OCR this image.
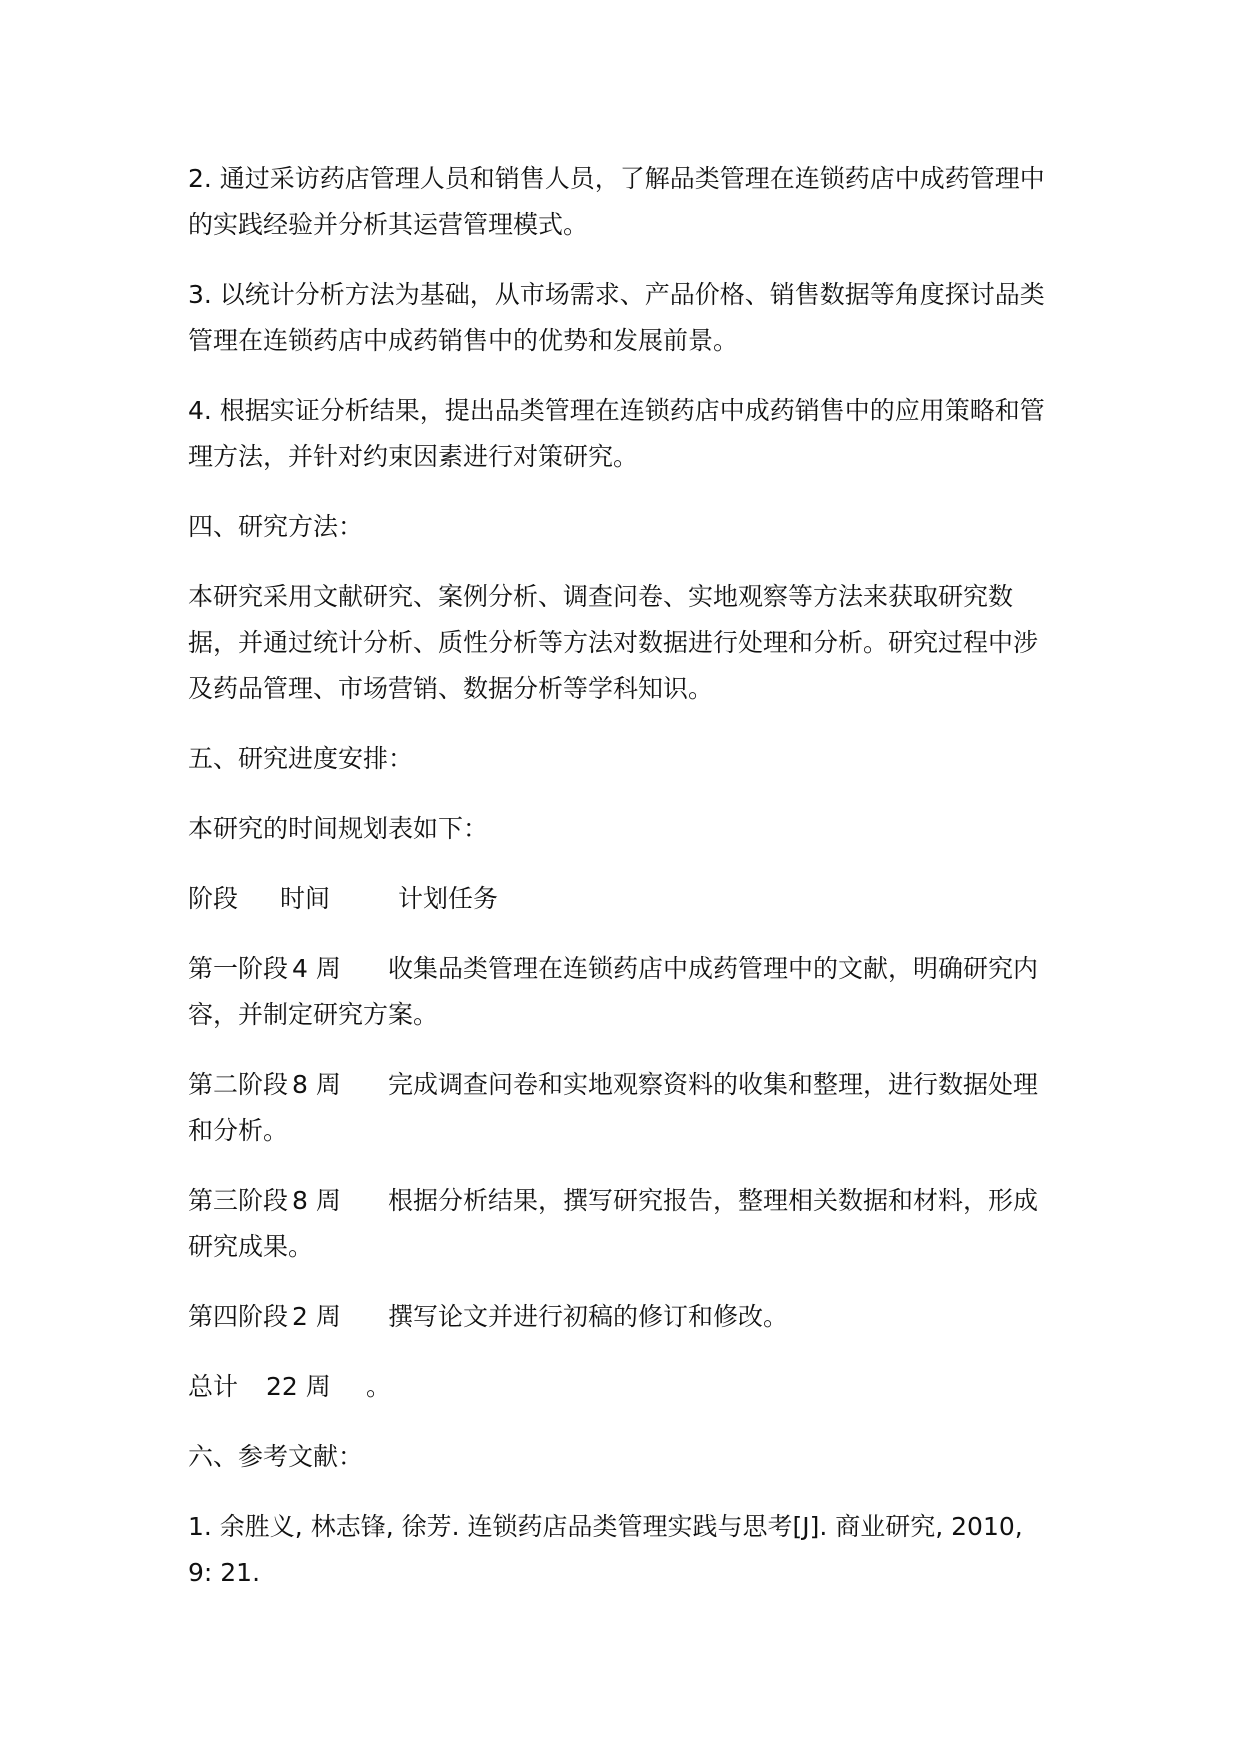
2. 通过采访药店管理人员和销售人员，了解品类管理在连锁药店中成药管理中的实践经验并分析其运营管理模式。

3. 以统计分析方法为基础，从市场需求、产品价格、销售数据等角度探讨品类管理在连锁药店中成药销售中的优势和发展前景。

4. 根据实证分析结果，提出品类管理在连锁药店中成药销售中的应用策略和管理方法，并针对约束因素进行对策研究。

四、研究方法：

本研究采用文献研究、案例分析、调查问卷、实地观察等方法来获取研究数据，并通过统计分析、质性分析等方法对数据进行处理和分析。研究过程中涉及药品管理、市场营销、数据分析等学科知识。

五、研究进度安排：

本研究的时间规划表如下：

阶段 时间	计划任务
第一阶段 4 周 收集品类管理在连锁药店中成药管理中的文献，明确研究内容，并制定研究方案。
第二阶段 8 周 完成调查问卷和实地观察资料的收集和整理，进行数据处理和分析。
第三阶段 8 周 根据分析结果，撰写研究报告，整理相关数据和材料，形成研究成果。
第四阶段 2 周 撰写论文并进行初稿的修订和修改。
总计 22 周 。

六、参考文献：

1. 余胜义, 林志锋, 徐芳. 连锁药店品类管理实践与思考[J]. 商业研究, 2010, 9: 21.
